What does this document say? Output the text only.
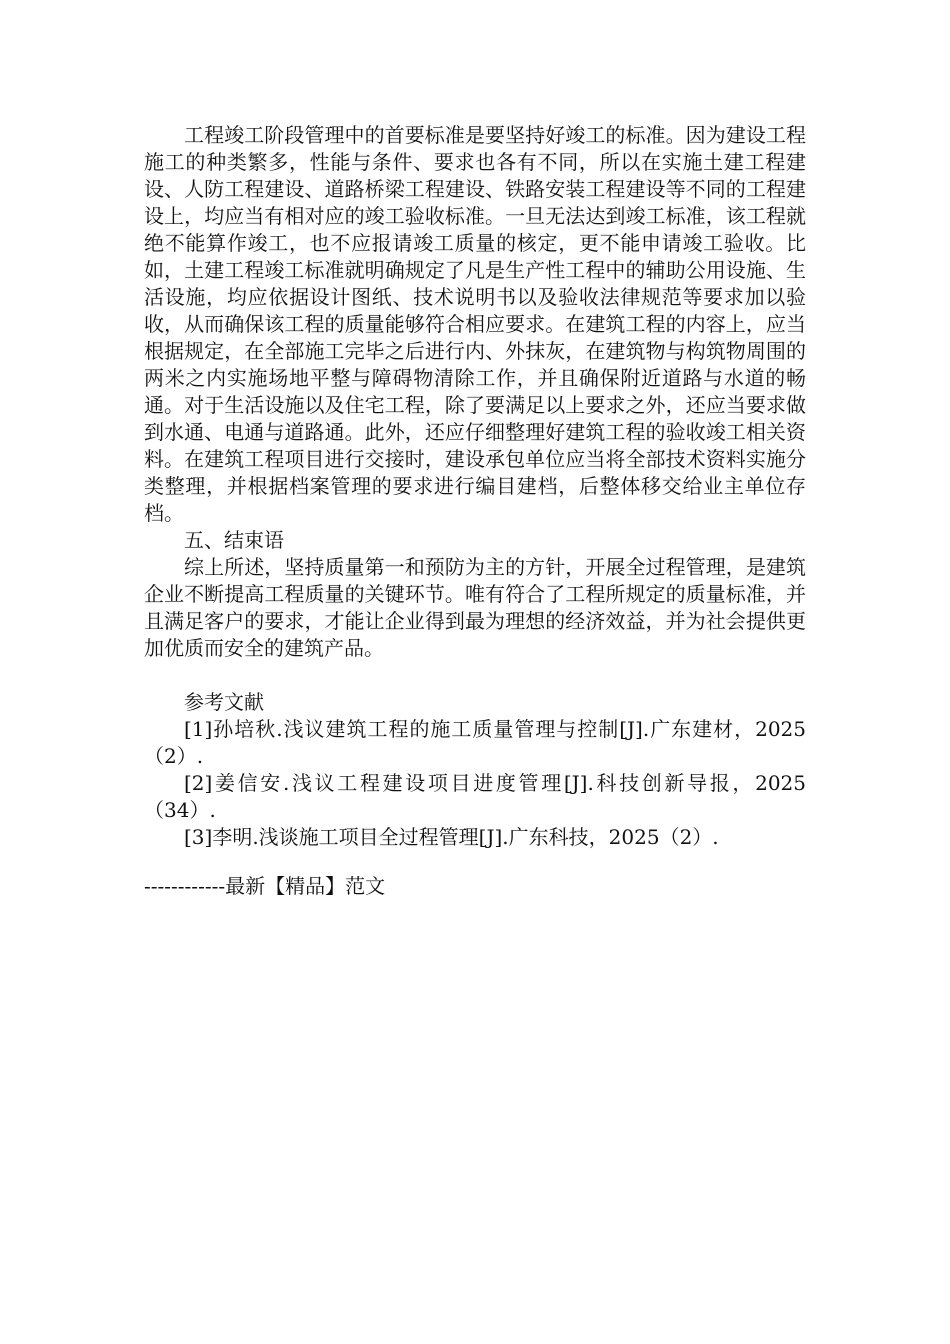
工程竣工阶段管理中的首要标准是要坚持好竣工的标准。因为建设工程施工的种类繁多，性能与条件、要求也各有不同，所以在实施土建工程建设、人防工程建设、道路桥梁工程建设、铁路安装工程建设等不同的工程建设上，均应当有相对应的竣工验收标准。一旦无法达到竣工标准，该工程就绝不能算作竣工，也不应报请竣工质量的核定，更不能申请竣工验收。比如，土建工程竣工标准就明确规定了凡是生产性工程中的辅助公用设施、生活设施，均应依据设计图纸、技术说明书以及验收法律规范等要求加以验收，从而确保该工程的质量能够符合相应要求。在建筑工程的内容上，应当根据规定，在全部施工完毕之后进行内、外抹灰，在建筑物与构筑物周围的两米之内实施场地平整与障碍物清除工作，并且确保附近道路与水道的畅通。对于生活设施以及住宅工程，除了要满足以上要求之外，还应当要求做到水通、电通与道路通。此外，还应仔细整理好建筑工程的验收竣工相关资料。在建筑工程项目进行交接时，建设承包单位应当将全部技术资料实施分类整理，并根据档案管理的要求进行编目建档，后整体移交给业主单位存档。

五、结束语

综上所述，坚持质量第一和预防为主的方针，开展全过程管理，是建筑企业不断提高工程质量的关键环节。唯有符合了工程所规定的质量标准，并且满足客户的要求，才能让企业得到最为理想的经济效益，并为社会提供更加优质而安全的建筑产品。

参考文献

[1]孙培秋.浅议建筑工程的施工质量管理与控制[J].广东建材，2025（2）.

[2]姜信安.浅议工程建设项目进度管理[J].科技创新导报，2025（34）.

[3]李明.浅谈施工项目全过程管理[J].广东科技，2025（2）.

------------最新【精品】范文
